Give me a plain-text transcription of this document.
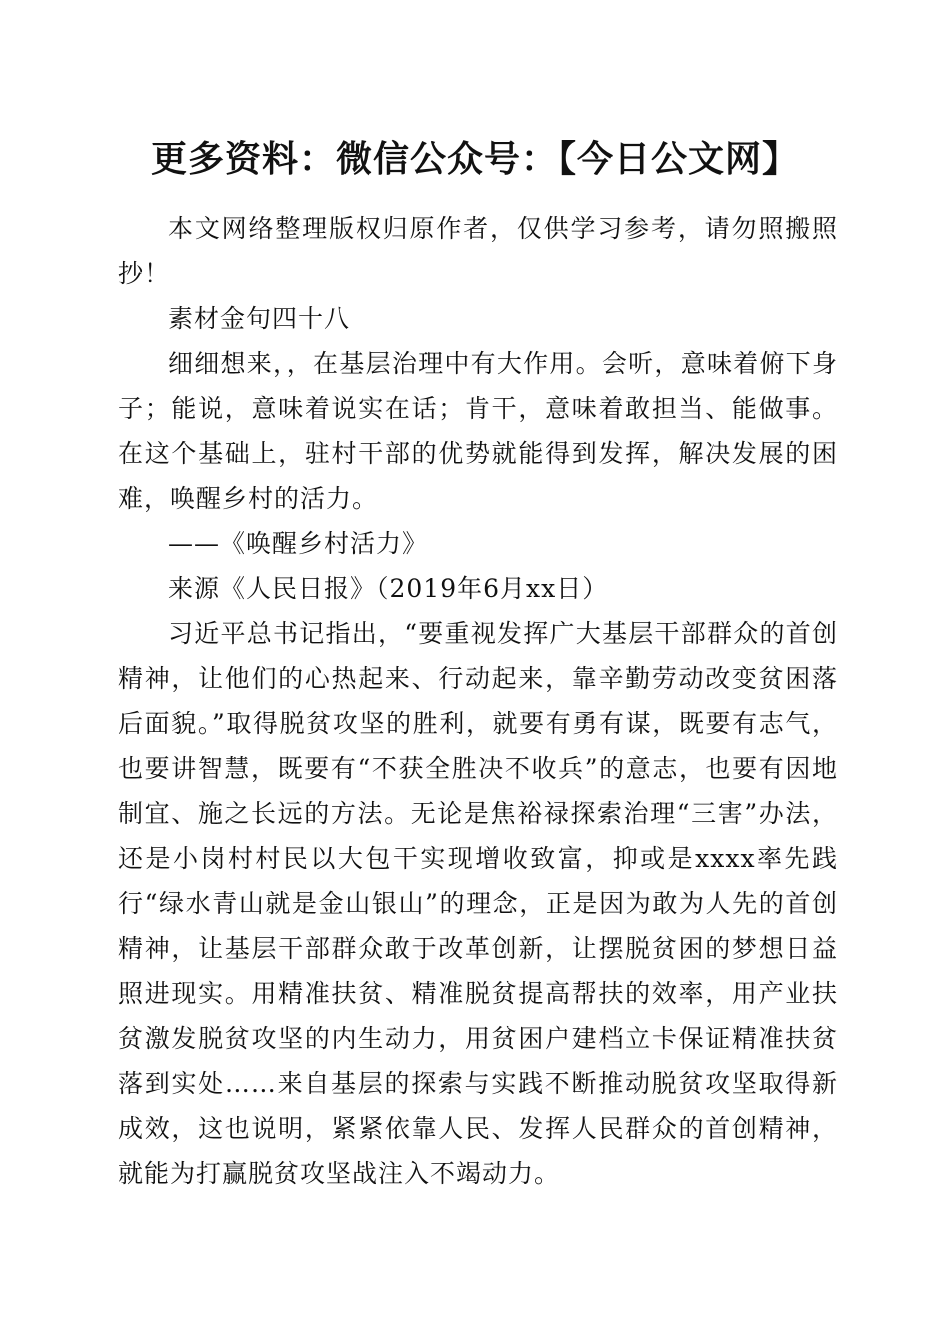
更多资料：微信公众号：【今日公文网】

本文网络整理版权归原作者，仅供学习参考，请勿照搬照抄！

素材金句四十八

细细想来，，在基层治理中有大作用。会听，意味着俯下身子；能说，意味着说实在话；肯干，意味着敢担当、能做事。在这个基础上，驻村干部的优势就能得到发挥，解决发展的困难，唤醒乡村的活力。

——《唤醒乡村活力》

来源《人民日报》（2019年6月xx日）

习近平总书记指出，“要重视发挥广大基层干部群众的首创精神，让他们的心热起来、行动起来，靠辛勤劳动改变贫困落后面貌。”取得脱贫攻坚的胜利，就要有勇有谋，既要有志气，也要讲智慧，既要有“不获全胜决不收兵”的意志，也要有因地制宜、施之长远的方法。无论是焦裕禄探索治理“三害”办法，还是小岗村村民以大包干实现增收致富，抑或是xxxx率先践行“绿水青山就是金山银山”的理念，正是因为敢为人先的首创精神，让基层干部群众敢于改革创新，让摆脱贫困的梦想日益照进现实。用精准扶贫、精准脱贫提高帮扶的效率，用产业扶贫激发脱贫攻坚的内生动力，用贫困户建档立卡保证精准扶贫落到实处……来自基层的探索与实践不断推动脱贫攻坚取得新成效，这也说明，紧紧依靠人民、发挥人民群众的首创精神，就能为打赢脱贫攻坚战注入不竭动力。
